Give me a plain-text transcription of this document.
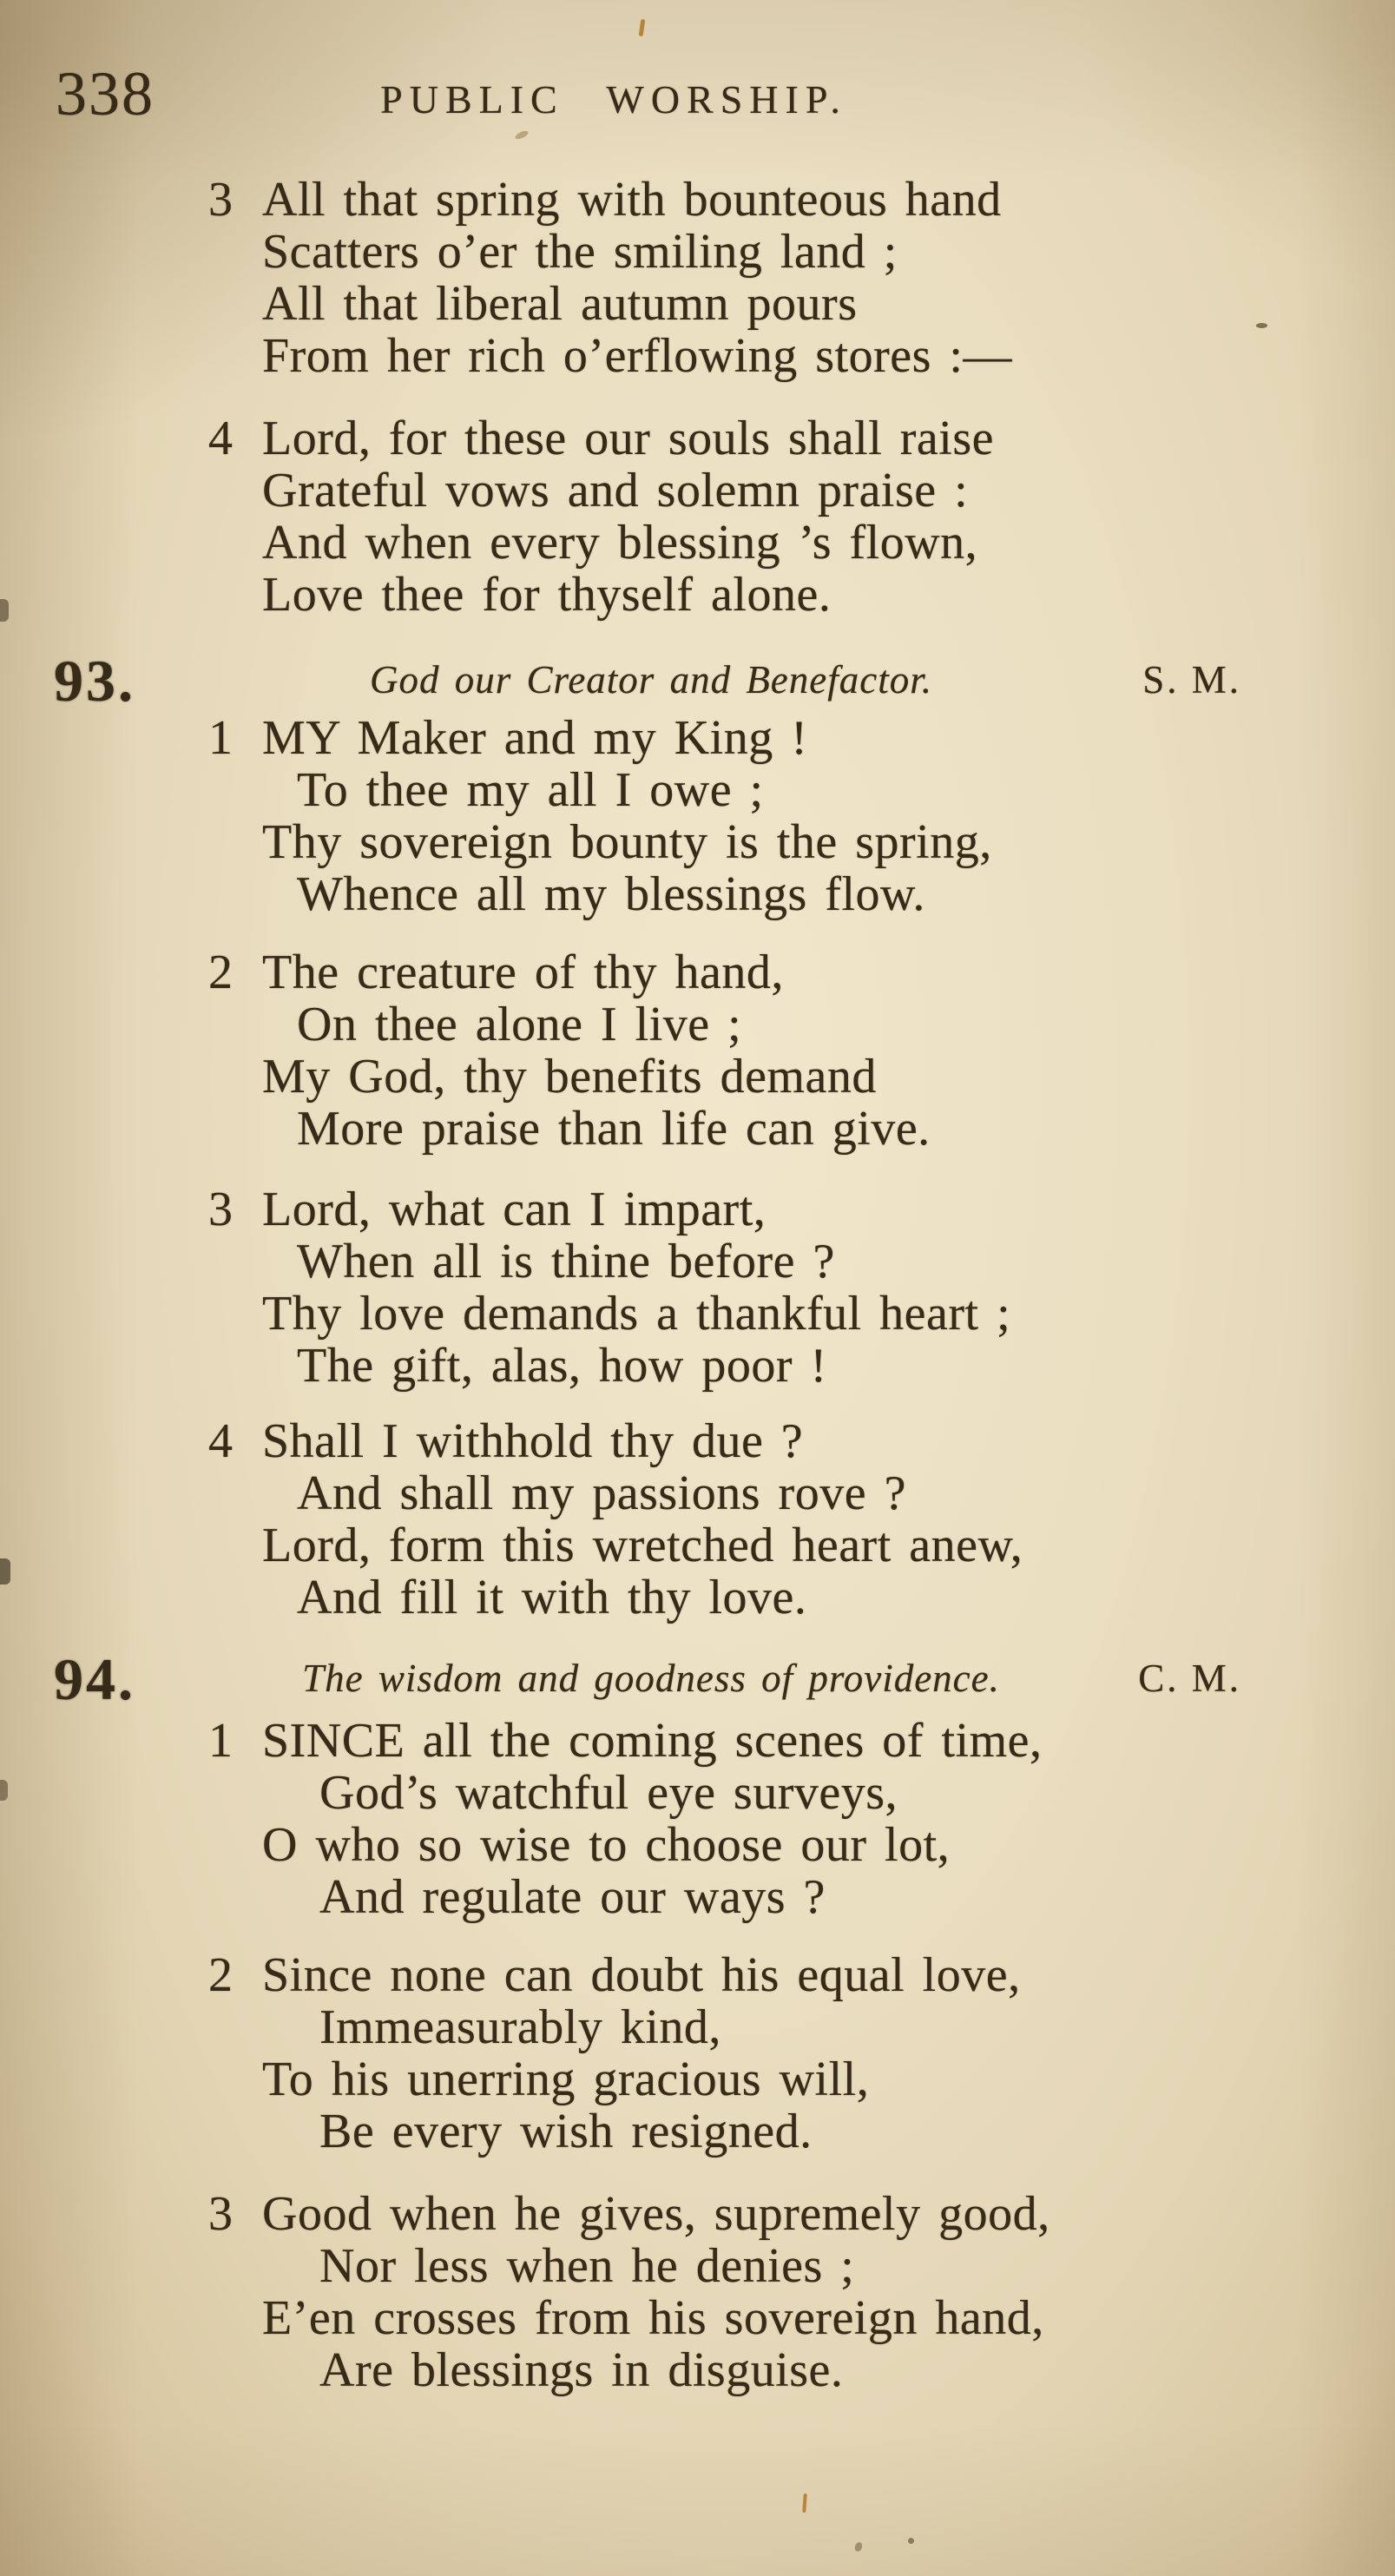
338	PUBLIC WORSHIP.
3 All that spring with bounteous hand
Scatters o’er the smiling land ;
All that liberal autumn pours
From her rich o’erflowing stores :—
4 Lord, for these our souls shall raise
Grateful vows and solemn praise :
And when every blessing ’s flown,
Love thee for thyself alone.
93.	God our Creator and Benefactor.	S. M.
1 MY Maker and my King !
To thee my all I owe ;
Thy sovereign bounty is the spring,
Whence all my blessings flow.
2 The creature of thy hand,
On thee alone I live ;
My God, thy benefits demand
More praise than life can give.
3 Lord, what can I impart,
When all is thine before ?
Thy love demands a thankful heart ;
The gift, alas, how poor !
4 Shall I withhold thy due ?
And shall my passions rove ?
Lord, form this wretched heart anew,
And fill it with thy love.
94.	The wisdom and goodness of providence.	C. M.
1 SINCE all the coming scenes of time,
God’s watchful eye surveys,
O who so wise to choose our lot,
And regulate our ways ?
2 Since none can doubt his equal love,
Immeasurably kind,
To his unerring gracious will,
Be every wish resigned.
3 Good when he gives, supremely good,
Nor less when he denies ;
E’en crosses from his sovereign hand,
Are blessings in disguise.
